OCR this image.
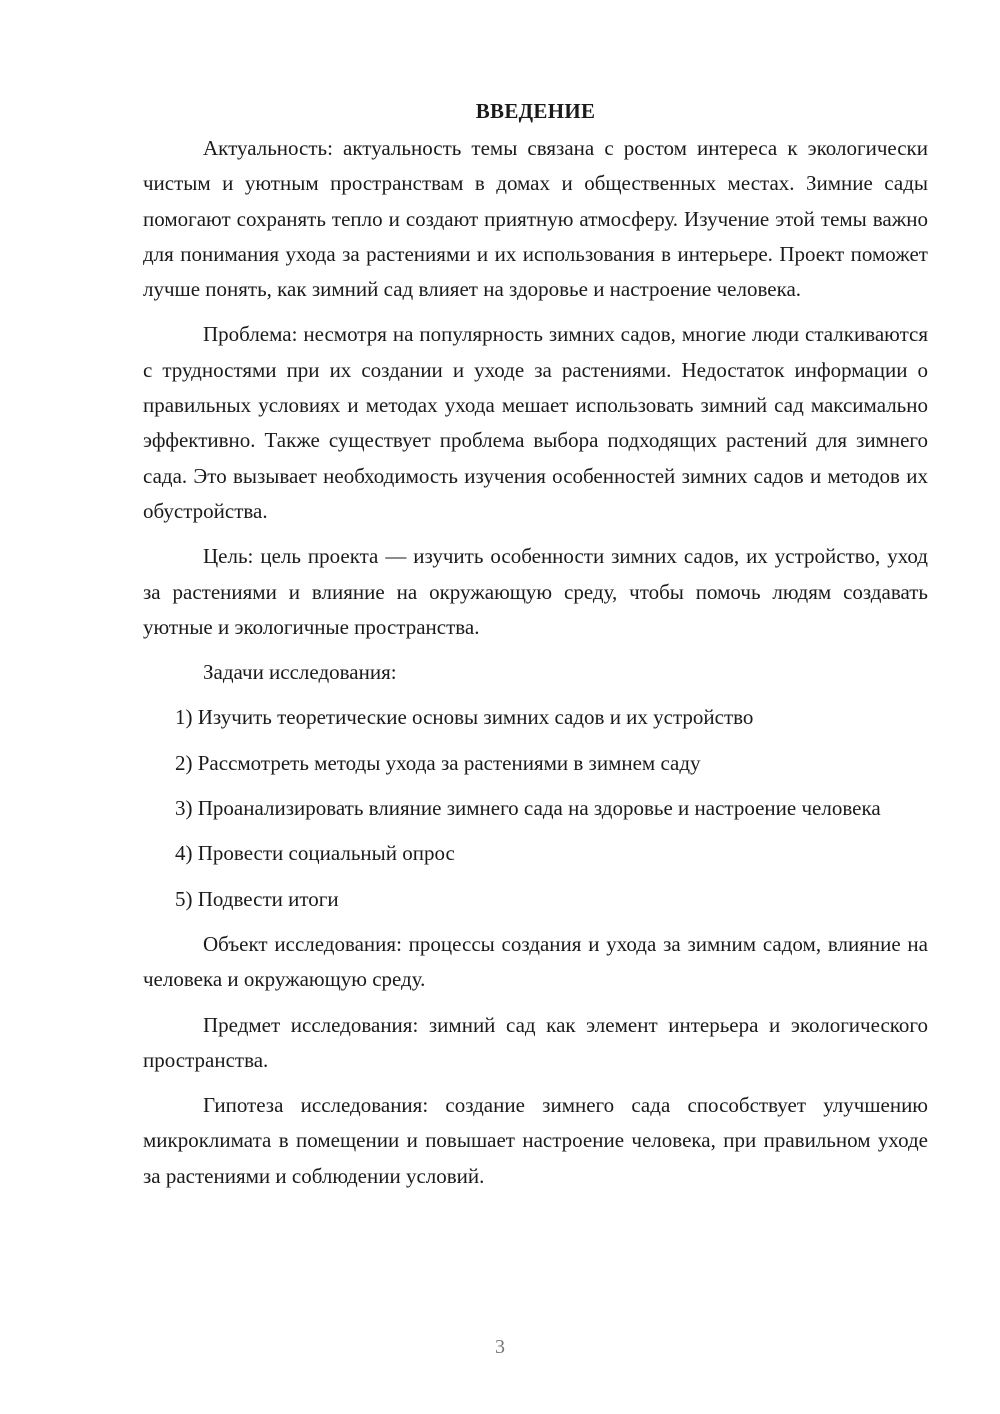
ВВЕДЕНИЕ

Актуальность: актуальность темы связана с ростом интереса к экологически чистым и уютным пространствам в домах и общественных местах. Зимние сады помогают сохранять тепло и создают приятную атмосферу. Изучение этой темы важно для понимания ухода за растениями и их использования в интерьере. Проект поможет лучше понять, как зимний сад влияет на здоровье и настроение человека.

Проблема: несмотря на популярность зимних садов, многие люди сталкиваются с трудностями при их создании и уходе за растениями. Недостаток информации о правильных условиях и методах ухода мешает использовать зимний сад максимально эффективно. Также существует проблема выбора подходящих растений для зимнего сада. Это вызывает необходимость изучения особенностей зимних садов и методов их обустройства.

Цель: цель проекта — изучить особенности зимних садов, их устройство, уход за растениями и влияние на окружающую среду, чтобы помочь людям создавать уютные и экологичные пространства.

Задачи исследования:

1) Изучить теоретические основы зимних садов и их устройство

2) Рассмотреть методы ухода за растениями в зимнем саду

3) Проанализировать влияние зимнего сада на здоровье и настроение человека

4) Провести социальный опрос

5) Подвести итоги

Объект исследования: процессы создания и ухода за зимним садом, влияние на человека и окружающую среду.

Предмет исследования: зимний сад как элемент интерьера и экологического пространства.

Гипотеза исследования: создание зимнего сада способствует улучшению микроклимата в помещении и повышает настроение человека, при правильном уходе за растениями и соблюдении условий.

3
